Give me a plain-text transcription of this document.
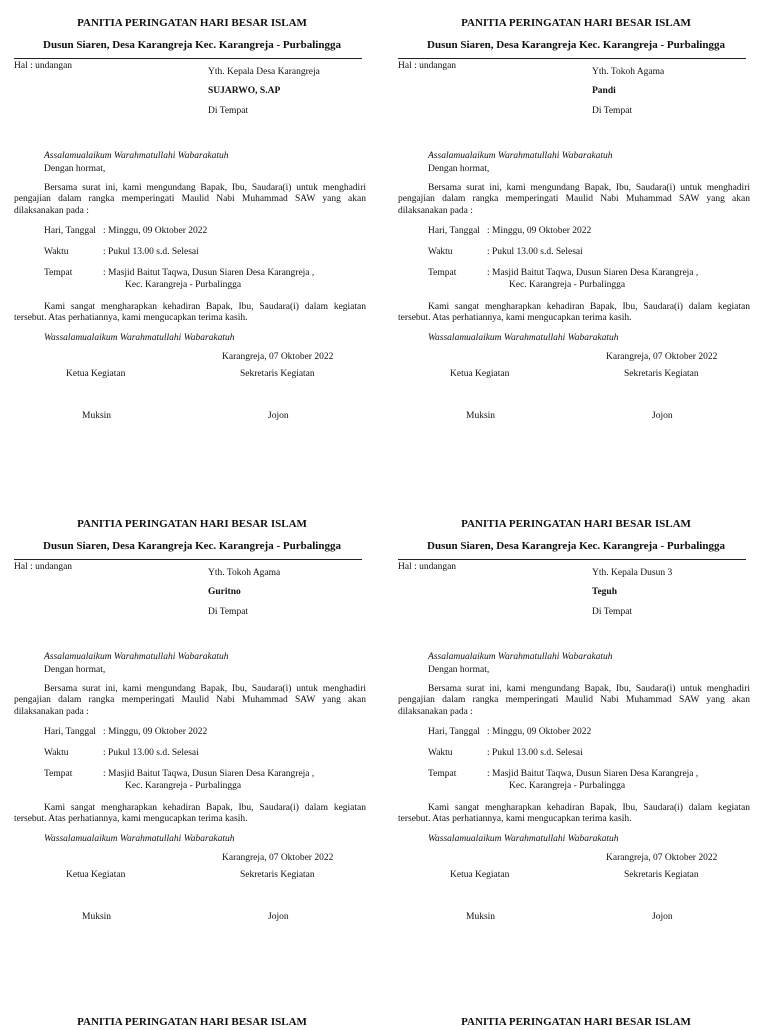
PANITIA PERINGATAN HARI BESAR ISLAM
Dusun Siaren, Desa Karangreja Kec. Karangreja - Purbalingga
Hal : undangan
Yth. Kepala Desa Karangreja
SUJARWO, S.AP
Di Tempat
Assalamualaikum Warahmatullahi Wabarakatuh
Dengan hormat,
Bersama surat ini, kami mengundang Bapak, Ibu, Saudara(i) untuk menghadiri pengajian dalam rangka memperingati Maulid Nabi Muhammad SAW yang akan dilaksanakan pada :
Hari, Tanggal : Minggu, 09 Oktober 2022
Waktu	: Pukul 13.00 s.d. Selesai
Tempat	: Masjid Baitut Taqwa, Dusun Siaren Desa Karangreja ,
Kec. Karangreja - Purbalingga
Kami sangat mengharapkan kehadiran Bapak, Ibu, Saudara(i) dalam kegiatan tersebut. Atas perhatiannya, kami mengucapkan terima kasih.
Wassalamualaikum Warahmatullahi Wabarakatuh
Karangreja, 07 Oktober 2022
Ketua Kegiatan	Sekretaris Kegiatan
Muksin	Jojon
PANITIA PERINGATAN HARI BESAR ISLAM
Dusun Siaren, Desa Karangreja Kec. Karangreja - Purbalingga
Hal : undangan
Yth. Tokoh Agama
Pandi
Di Tempat
Assalamualaikum Warahmatullahi Wabarakatuh
Dengan hormat,
Bersama surat ini, kami mengundang Bapak, Ibu, Saudara(i) untuk menghadiri pengajian dalam rangka memperingati Maulid Nabi Muhammad SAW yang akan dilaksanakan pada :
Hari, Tanggal : Minggu, 09 Oktober 2022
Waktu	: Pukul 13.00 s.d. Selesai
Tempat	: Masjid Baitut Taqwa, Dusun Siaren Desa Karangreja ,
Kec. Karangreja - Purbalingga
Kami sangat mengharapkan kehadiran Bapak, Ibu, Saudara(i) dalam kegiatan tersebut. Atas perhatiannya, kami mengucapkan terima kasih.
Wassalamualaikum Warahmatullahi Wabarakatuh
Karangreja, 07 Oktober 2022
Ketua Kegiatan	Sekretaris Kegiatan
Muksin	Jojon
PANITIA PERINGATAN HARI BESAR ISLAM
Dusun Siaren, Desa Karangreja Kec. Karangreja - Purbalingga
Hal : undangan
Yth. Tokoh Agama
Guritno
Di Tempat
Assalamualaikum Warahmatullahi Wabarakatuh
Dengan hormat,
Bersama surat ini, kami mengundang Bapak, Ibu, Saudara(i) untuk menghadiri pengajian dalam rangka memperingati Maulid Nabi Muhammad SAW yang akan dilaksanakan pada :
Hari, Tanggal : Minggu, 09 Oktober 2022
Waktu	: Pukul 13.00 s.d. Selesai
Tempat	: Masjid Baitut Taqwa, Dusun Siaren Desa Karangreja ,
Kec. Karangreja - Purbalingga
Kami sangat mengharapkan kehadiran Bapak, Ibu, Saudara(i) dalam kegiatan tersebut. Atas perhatiannya, kami mengucapkan terima kasih.
Wassalamualaikum Warahmatullahi Wabarakatuh
Karangreja, 07 Oktober 2022
Ketua Kegiatan	Sekretaris Kegiatan
Muksin	Jojon
PANITIA PERINGATAN HARI BESAR ISLAM
Dusun Siaren, Desa Karangreja Kec. Karangreja - Purbalingga
Hal : undangan
Yth. Kepala Dusun 3
Teguh
Di Tempat
Assalamualaikum Warahmatullahi Wabarakatuh
Dengan hormat,
Bersama surat ini, kami mengundang Bapak, Ibu, Saudara(i) untuk menghadiri pengajian dalam rangka memperingati Maulid Nabi Muhammad SAW yang akan dilaksanakan pada :
Hari, Tanggal : Minggu, 09 Oktober 2022
Waktu	: Pukul 13.00 s.d. Selesai
Tempat	: Masjid Baitut Taqwa, Dusun Siaren Desa Karangreja ,
Kec. Karangreja - Purbalingga
Kami sangat mengharapkan kehadiran Bapak, Ibu, Saudara(i) dalam kegiatan tersebut. Atas perhatiannya, kami mengucapkan terima kasih.
Wassalamualaikum Warahmatullahi Wabarakatuh
Karangreja, 07 Oktober 2022
Ketua Kegiatan	Sekretaris Kegiatan
Muksin	Jojon
PANITIA PERINGATAN HARI BESAR ISLAM	PANITIA PERINGATAN HARI BESAR ISLAM
